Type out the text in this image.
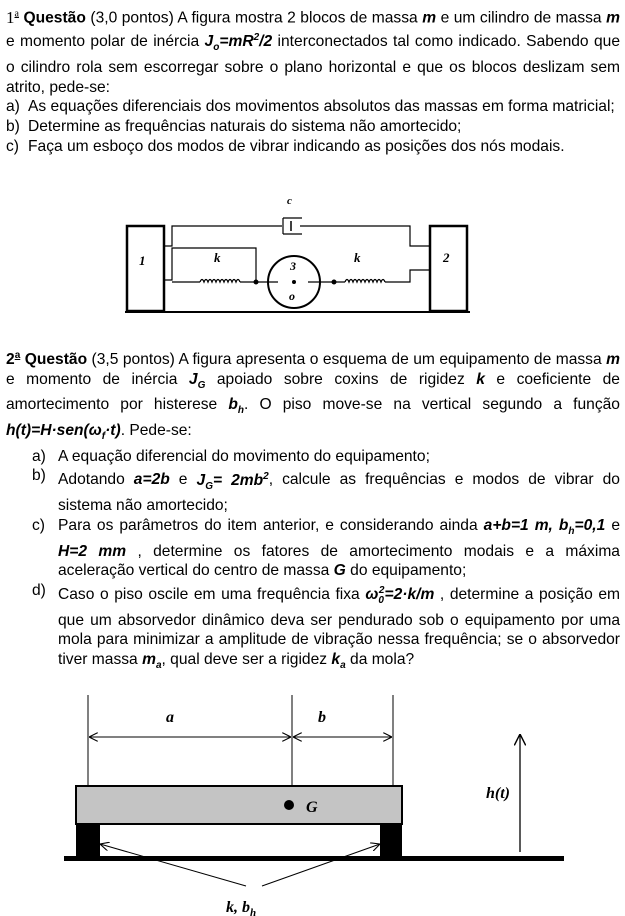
1$^a$ Questão (3,0 pontos) A figura mostra 2 blocos de massa m e um cilindro de massa m e momento polar de inércia $J_o=mR^2/2$ interconectados tal como indicado. Sabendo que o cilindro rola sem escorregar sobre o plano horizontal e que os blocos deslizam sem atrito, pede-se:
a) As equações diferenciais dos movimentos absolutos das massas em forma matricial;
b) Determine as frequências naturais do sistema não amortecido;
c) Faça um esboço dos modos de vibrar indicando as posições dos nós modais.
c
k	k
1	2
3
o
2$^a$ Questão (3,5 pontos) A figura apresenta o esquema de um equipamento de massa m e momento de inércia $J_G$ apoiado sobre coxins de rigidez k e coeficiente de amortecimento por histerese $b_h$. O piso move-se na vertical segundo a função $h(t)=H\cdot sen(\omega_f\cdot t)$. Pede-se:
a) A equação diferencial do movimento do equipamento;
b) Adotando a=2b e $J_G= 2mb^2$, calcule as frequências e modos de vibrar do sistema não amortecido;
c) Para os parâmetros do item anterior, e considerando ainda a+b=1 m, $b_h=0,1$ e H=2 mm , determine os fatores de amortecimento modais e a máxima aceleração vertical do centro de massa G do equipamento;
d) Caso o piso oscile em uma frequência fixa $\omega_0^2=2\cdot k/m$ , determine a posição em que um absorvedor dinâmico deva ser pendurado sob o equipamento por uma mola para minimizar a amplitude de vibração nessa frequência; se o absorvedor tiver massa $m_a$, qual deve ser a rigidez $k_a$ da mola?
a	b
G
h(t)
k, $b_h$
